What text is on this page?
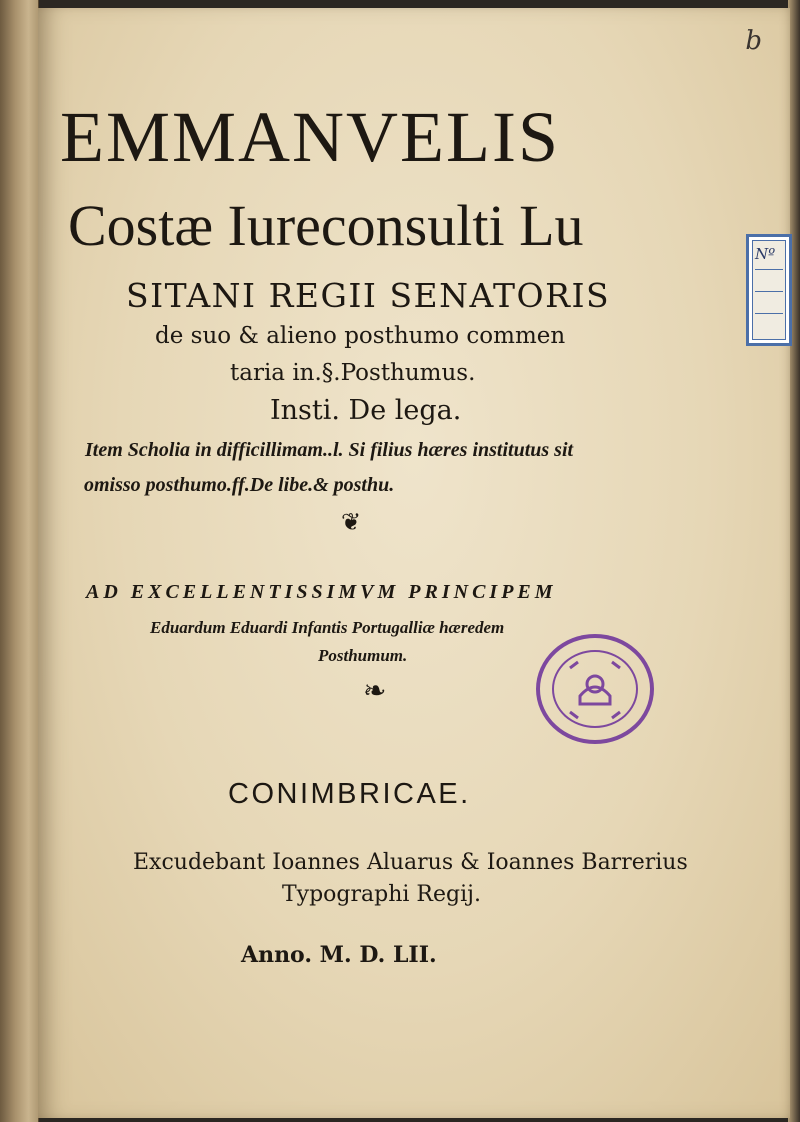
b
Nº
EMMANVELIS
Costæ Iureconsulti Lu
SITANI REGII SENATORIS
de suo & alieno posthumo commen
taria in.§.Posthumus.
Insti. De lega.
Item Scholia in difficillimam..l. Si filius hæres institutus sit
omisso posthumo.ff.De libe.& posthu.
❦
AD EXCELLENTISSIMVM PRINCIPEM
Eduardum Eduardi Infantis Portugalliæ hæredem
Posthumum.
❧
CONIMBRICAE.
Excudebant Ioannes Aluarus & Ioannes Barrerius
Typographi Regij.
Anno. M. D. LII.
